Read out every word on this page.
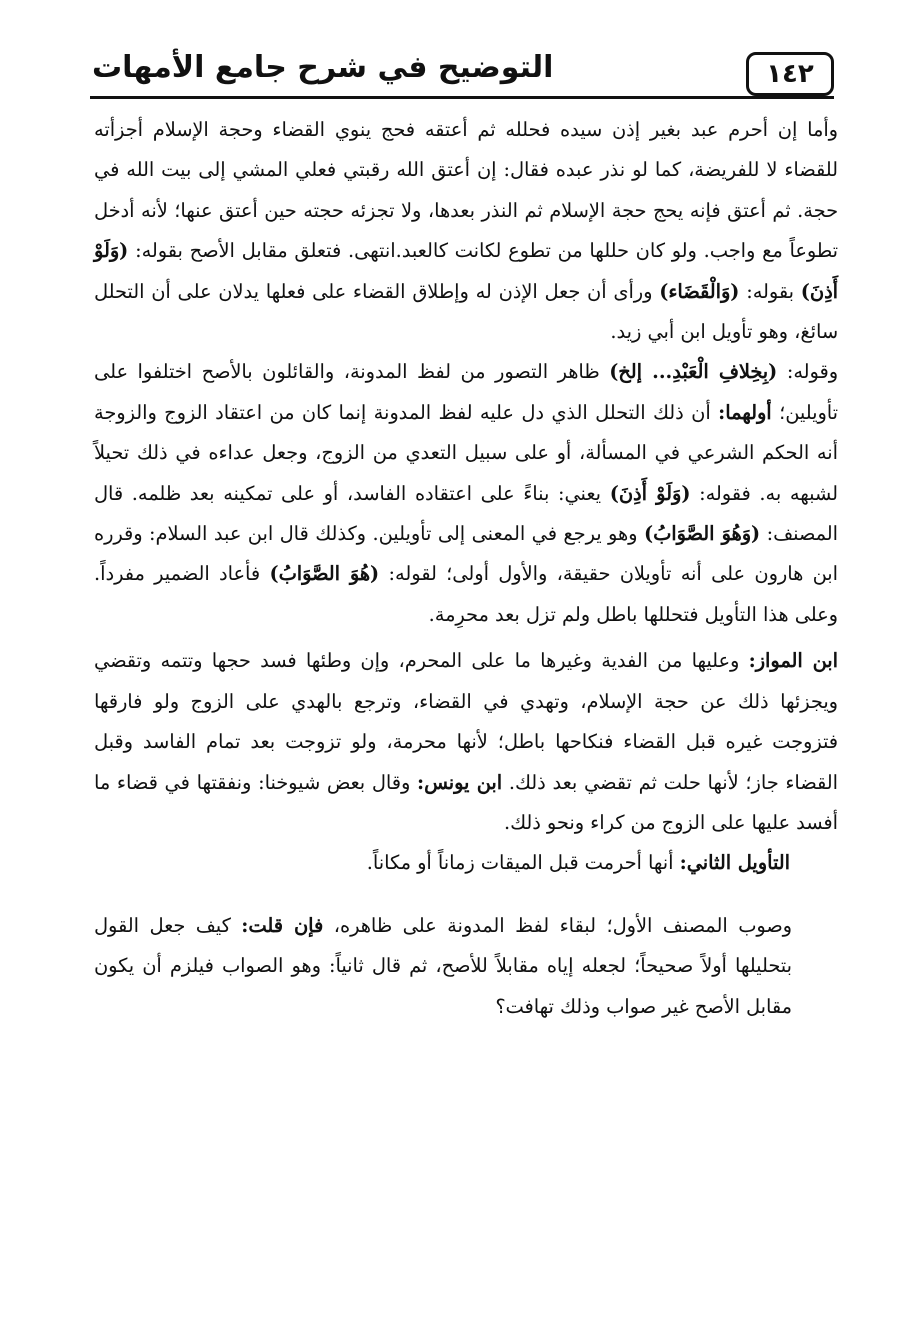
١٤٢
التوضيح في شرح جامع الأمهات

وأما إن أحرم عبد بغير إذن سيده فحلله ثم أعتقه فحج ينوي القضاء وحجة الإسلام أجزأته للقضاء لا للفريضة، كما لو نذر عبده فقال: إن أعتق الله رقبتي فعلي المشي إلى بيت الله في حجة. ثم أعتق فإنه يحج حجة الإسلام ثم النذر بعدها، ولا تجزئه حجته حين أعتق عنها؛ لأنه أدخل تطوعاً مع واجب. ولو كان حللها من تطوع لكانت كالعبد.انتهى. فتعلق مقابل الأصح بقوله: (وَلَوْ أَذِنَ) بقوله: (وَالْقَضَاء) ورأى أن جعل الإذن له وإطلاق القضاء على فعلها يدلان على أن التحلل سائغ، وهو تأويل ابن أبي زيد.

وقوله: (بِخِلافِ الْعَبْدِ... إلخ) ظاهر التصور من لفظ المدونة، والقائلون بالأصح اختلفوا على تأويلين؛ أولهما: أن ذلك التحلل الذي دل عليه لفظ المدونة إنما كان من اعتقاد الزوج والزوجة أنه الحكم الشرعي في المسألة، أو على سبيل التعدي من الزوج، وجعل عداءه في ذلك تحيلاً لشبهه به. فقوله: (وَلَوْ أَذِنَ) يعني: بناءً على اعتقاده الفاسد، أو على تمكينه بعد ظلمه. قال المصنف: (وَهُوَ الصَّوَابُ) وهو يرجع في المعنى إلى تأويلين. وكذلك قال ابن عبد السلام: وقرره ابن هارون على أنه تأويلان حقيقة، والأول أولى؛ لقوله: (هُوَ الصَّوَابُ) فأعاد الضمير مفرداً. وعلى هذا التأويل فتحللها باطل ولم تزل بعد محرِمة.

ابن المواز: وعليها من الفدية وغيرها ما على المحرم، وإن وطئها فسد حجها وتتمه وتقضي ويجزئها ذلك عن حجة الإسلام، وتهدي في القضاء، وترجع بالهدي على الزوج ولو فارقها فتزوجت غيره قبل القضاء فنكاحها باطل؛ لأنها محرمة، ولو تزوجت بعد تمام الفاسد وقبل القضاء جاز؛ لأنها حلت ثم تقضي بعد ذلك. ابن يونس: وقال بعض شيوخنا: ونفقتها في قضاء ما أفسد عليها على الزوج من كراء ونحو ذلك.

التأويل الثاني: أنها أحرمت قبل الميقات زماناً أو مكاناً.

وصوب المصنف الأول؛ لبقاء لفظ المدونة على ظاهره، فإن قلت: كيف جعل القول بتحليلها أولاً صحيحاً؛ لجعله إياه مقابلاً للأصح، ثم قال ثانياً: وهو الصواب فيلزم أن يكون مقابل الأصح غير صواب وذلك تهافت؟
